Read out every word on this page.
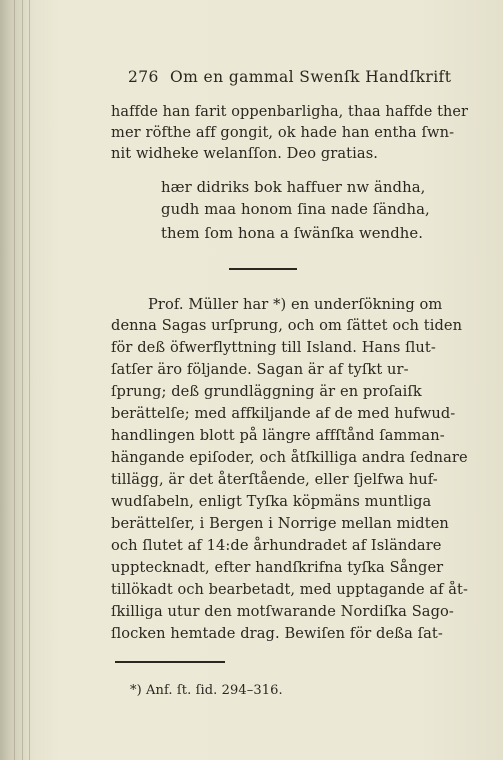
276 Om en gammal Swenſk Handſkrift
haffde han farit oppenbarligha, thaa haffde ther
mer röfthe aff gongit, ok hade han entha ſwn-
nit widheke welanſſon. Deo gratias.
hær didriks bok haffuer nw ändha,
gudh maa honom ſina nade ſändha,
them ſom hona a ſwänſka wendhe.
Prof. Müller har *) en underſökning om
denna Sagas urſprung, och om ſättet och tiden
för deß öfwerflyttning till Island. Hans ſlut-
ſatſer äro följande. Sagan är af tyſkt ur-
ſprung; deß grundläggning är en proſaiſk
berättelſe; med affkiljande af de med hufwud-
handlingen blott på längre affſtånd ſamman-
hängande epiſoder, och åtſkilliga andra ſednare
tillägg, är det återſtående, eller ſjelfwa huf-
wudſabeln, enligt Tyſka köpmäns muntliga
berättelſer, i Bergen i Norrige mellan midten
och ſlutet af 14:de århundradet af Isländare
upptecknadt, efter handſkrifna tyſka Sånger
tillökadt och bearbetadt, med upptagande af åt-
ſkilliga utur den motſwarande Nordiſka Sago-
ſlocken hemtade drag. Bewiſen för deßa ſat-
*) Anf. ſt. ſid. 294–316.
